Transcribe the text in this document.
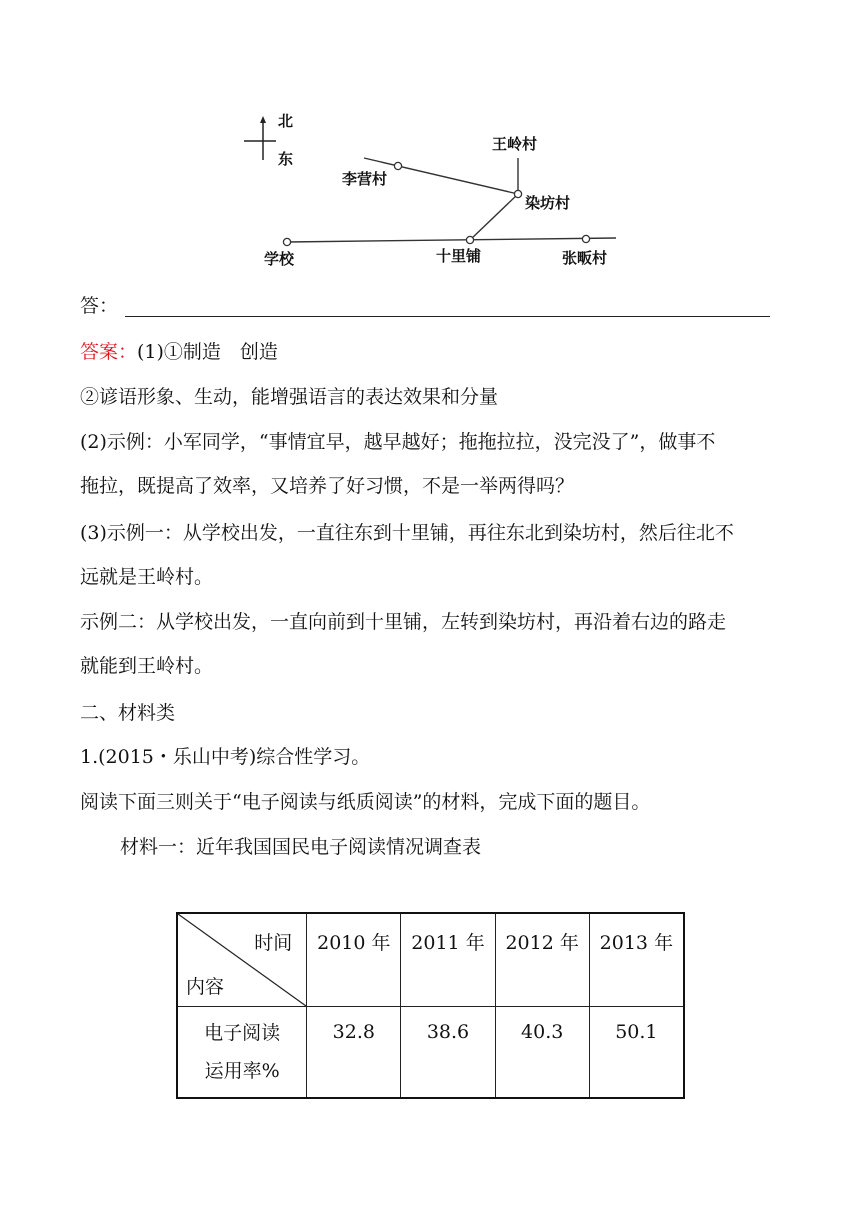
北
东
王岭村
李营村
染坊村
学校	十里铺	张畈村
答：
答案：(1)①制造　创造
②谚语形象、生动，能增强语言的表达效果和分量
(2)示例：小军同学，“事情宜早，越早越好；拖拖拉拉，没完没了”，做事不
拖拉，既提高了效率，又培养了好习惯，不是一举两得吗？
(3)示例一：从学校出发，一直往东到十里铺，再往东北到染坊村，然后往北不
远就是王岭村。
示例二：从学校出发，一直向前到十里铺，左转到染坊村，再沿着右边的路走
就能到王岭村。
二、材料类
1.(2015・乐山中考)综合性学习。
阅读下面三则关于“电子阅读与纸质阅读”的材料，完成下面的题目。
材料一：近年我国国民电子阅读情况调查表
时间
内容	2010 年	2011 年	2012 年	2013 年

电子阅读
运用率%	32.8	38.6	40.3	50.1
